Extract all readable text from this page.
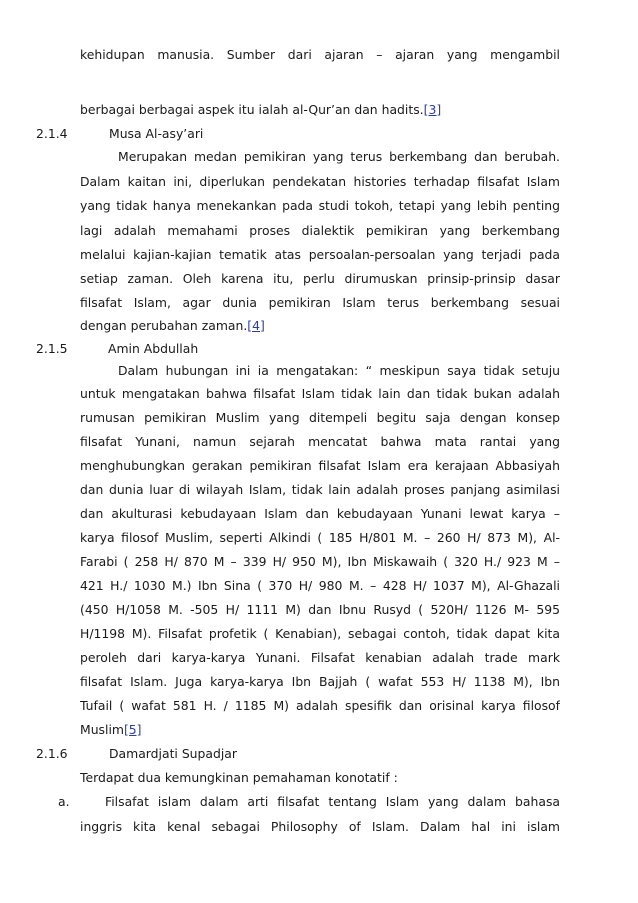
kehidupan manusia. Sumber dari ajaran – ajaran yang mengambil
berbagai berbagai aspek itu ialah al-Qur’an dan hadits.[3]
2.1.4	Musa Al-asy’ari
Merupakan medan pemikiran yang terus berkembang dan berubah.
Dalam kaitan ini, diperlukan pendekatan histories terhadap filsafat Islam
yang tidak hanya menekankan pada studi tokoh, tetapi yang lebih penting
lagi adalah memahami proses dialektik pemikiran yang berkembang
melalui kajian-kajian tematik atas persoalan-persoalan yang terjadi pada
setiap zaman. Oleh karena itu, perlu dirumuskan prinsip-prinsip dasar
filsafat Islam, agar dunia pemikiran Islam terus berkembang sesuai
dengan perubahan zaman.[4]
2.1.5	Amin Abdullah
Dalam hubungan ini ia mengatakan: “ meskipun saya tidak setuju
untuk mengatakan bahwa filsafat Islam tidak lain dan tidak bukan adalah
rumusan pemikiran Muslim yang ditempeli begitu saja dengan konsep
filsafat Yunani, namun sejarah mencatat bahwa mata rantai yang
menghubungkan gerakan pemikiran filsafat Islam era kerajaan Abbasiyah
dan dunia luar di wilayah Islam, tidak lain adalah proses panjang asimilasi
dan akulturasi kebudayaan Islam dan kebudayaan Yunani lewat karya –
karya filosof Muslim, seperti Alkindi ( 185 H/801 M. – 260 H/ 873 M), Al-
Farabi ( 258 H/ 870 M – 339 H/ 950 M), Ibn Miskawaih ( 320 H./ 923 M –
421 H./ 1030 M.) Ibn Sina ( 370 H/ 980 M. – 428 H/ 1037 M), Al-Ghazali
(450 H/1058 M. -505 H/ 1111 M) dan Ibnu Rusyd ( 520H/ 1126 M- 595
H/1198 M). Filsafat profetik ( Kenabian), sebagai contoh, tidak dapat kita
peroleh dari karya-karya Yunani. Filsafat kenabian adalah trade mark
filsafat Islam. Juga karya-karya Ibn Bajjah ( wafat 553 H/ 1138 M), Ibn
Tufail ( wafat 581 H. / 1185 M) adalah spesifik dan orisinal karya filosof
Muslim[5]
2.1.6	Damardjati Supadjar
Terdapat dua kemungkinan pemahaman konotatif :
a.	Filsafat islam dalam arti filsafat tentang Islam yang dalam bahasa
inggris kita kenal sebagai Philosophy of Islam. Dalam hal ini islam
